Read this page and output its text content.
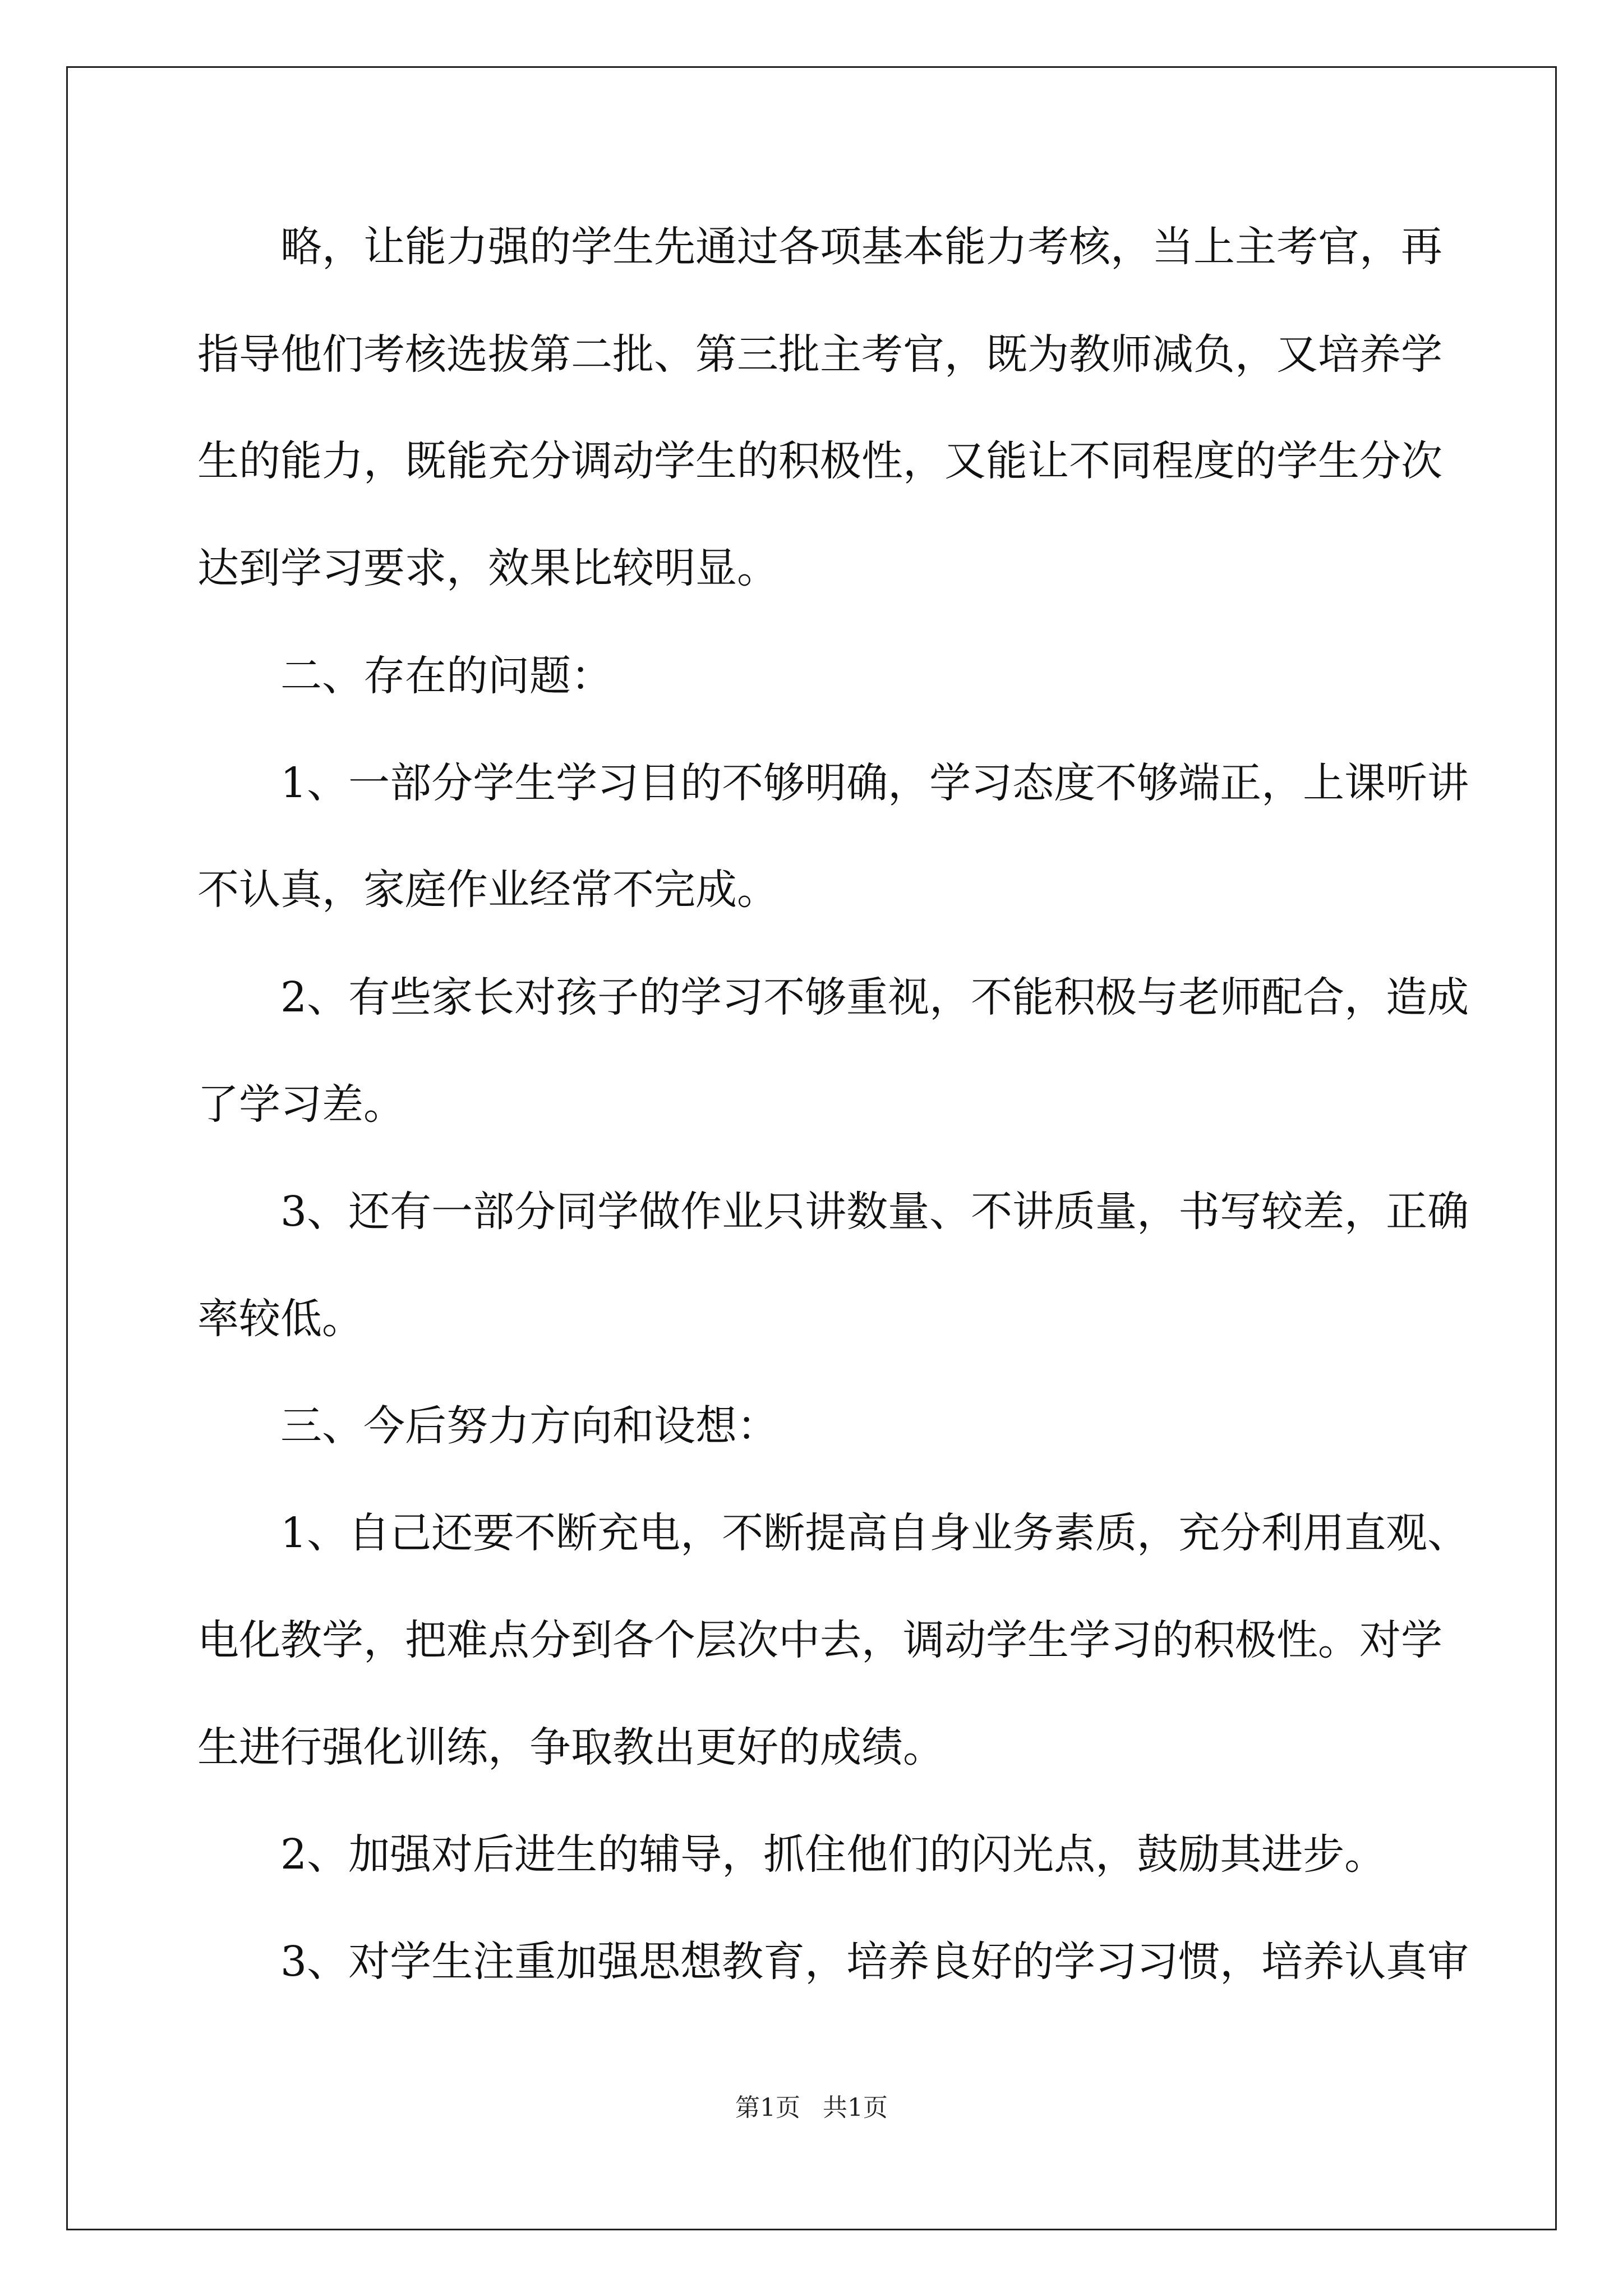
　　略，让能力强的学生先通过各项基本能力考核，当上主考官，再
指导他们考核选拔第二批、第三批主考官，既为教师减负，又培养学
生的能力，既能充分调动学生的积极性，又能让不同程度的学生分次
达到学习要求，效果比较明显。
　　二、存在的问题：
　　1、一部分学生学习目的不够明确，学习态度不够端正，上课听讲
不认真，家庭作业经常不完成。
　　2、有些家长对孩子的学习不够重视，不能积极与老师配合，造成
了学习差。
　　3、还有一部分同学做作业只讲数量、不讲质量，书写较差，正确
率较低。
　　三、今后努力方向和设想：
　　1、自己还要不断充电，不断提高自身业务素质，充分利用直观、
电化教学，把难点分到各个层次中去，调动学生学习的积极性。对学
生进行强化训练，争取教出更好的成绩。
　　2、加强对后进生的辅导，抓住他们的闪光点，鼓励其进步。
　　3、对学生注重加强思想教育，培养良好的学习习惯，培养认真审
第1页 共1页
